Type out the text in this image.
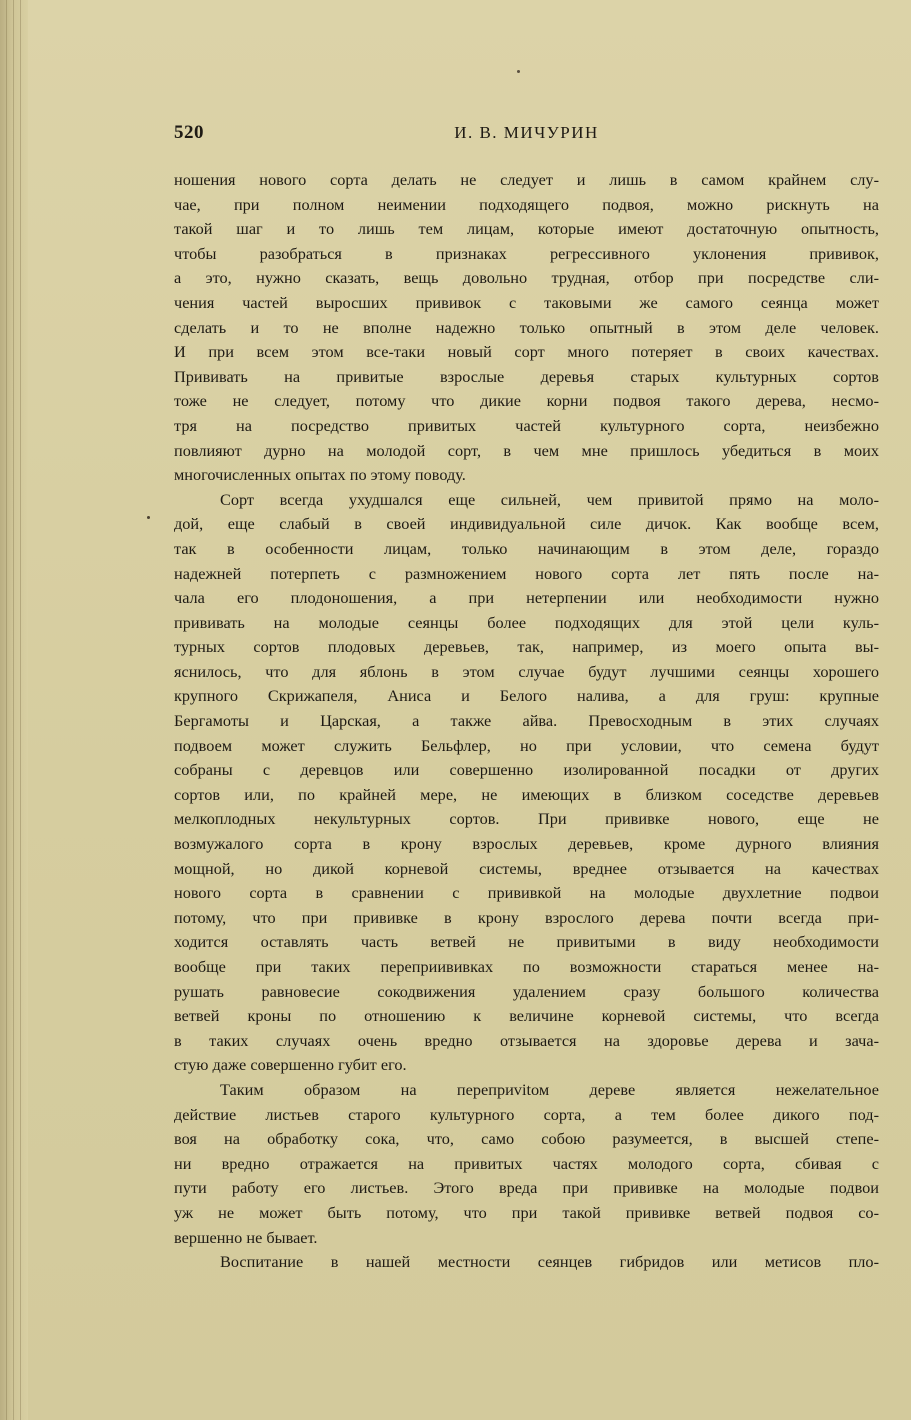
520	И. В. МИЧУРИН
ношения нового сорта делать не следует и лишь в самом крайнем слу-
чае, при полном неимении подходящего подвоя, можно рискнуть на
такой шаг и то лишь тем лицам, которые имеют достаточную опытность,
чтобы разобраться в признаках регрессивного уклонения прививок,
а это, нужно сказать, вещь довольно трудная, отбор при посредстве сли-
чения частей выросших прививок с таковыми же самого сеянца может
сделать и то не вполне надежно только опытный в этом деле человек.
И при всем этом все-таки новый сорт много потеряет в своих качествах.
Прививать на привитые взрослые деревья старых культурных сортов
тоже не следует, потому что дикие корни подвоя такого дерева, несмо-
тря на посредство привитых частей культурного сорта, неизбежно
повлияют дурно на молодой сорт, в чем мне пришлось убедиться в моих
многочисленных опытах по этому поводу.
Сорт всегда ухудшался еще сильней, чем привитой прямо на моло-
дой, еще слабый в своей индивидуальной силе дичок. Как вообще всем,
так в особенности лицам, только начинающим в этом деле, гораздо
надежней потерпеть с размножением нового сорта лет пять после на-
чала его плодоношения, а при нетерпении или необходимости нужно
прививать на молодые сеянцы более подходящих для этой цели куль-
турных сортов плодовых деревьев, так, например, из моего опыта вы-
яснилось, что для яблонь в этом случае будут лучшими сеянцы хорошего
крупного Скрижапеля, Аниса и Белого налива, а для груш: крупные
Бергамоты и Царская, а также айва. Превосходным в этих случаях
подвоем может служить Бельфлер, но при условии, что семена будут
собраны с деревцов или совершенно изолированной посадки от других
сортов или, по крайней мере, не имеющих в близком соседстве деревьев
мелкоплодных некультурных сортов. При прививке нового, еще не
возмужалого сорта в крону взрослых деревьев, кроме дурного влияния
мощной, но дикой корневой системы, вреднее отзывается на качествах
нового сорта в сравнении с прививкой на молодые двухлетние подвои
потому, что при прививке в крону взрослого дерева почти всегда при-
ходится оставлять часть ветвей не привитыми в виду необходимости
вообще при таких переприививках по возможности стараться менее на-
рушать равновесие сокодвижения удалением сразу большого количества
ветвей кроны по отношению к величине корневой системы, что всегда
в таких случаях очень вредно отзывается на здоровье дерева и зача-
стую даже совершенно губит его.
Таким образом на переприvitом дереве является нежелательное
действие листьев старого культурного сорта, а тем более дикого под-
воя на обработку сока, что, само собою разумеется, в высшей степе-
ни вредно отражается на привитых частях молодого сорта, сбивая с
пути работу его листьев. Этого вреда при прививке на молодые подвои
уж не может быть потому, что при такой прививке ветвей подвоя со-
вершенно не бывает.
Воспитание в нашей местности сеянцев гибридов или метисов пло-
